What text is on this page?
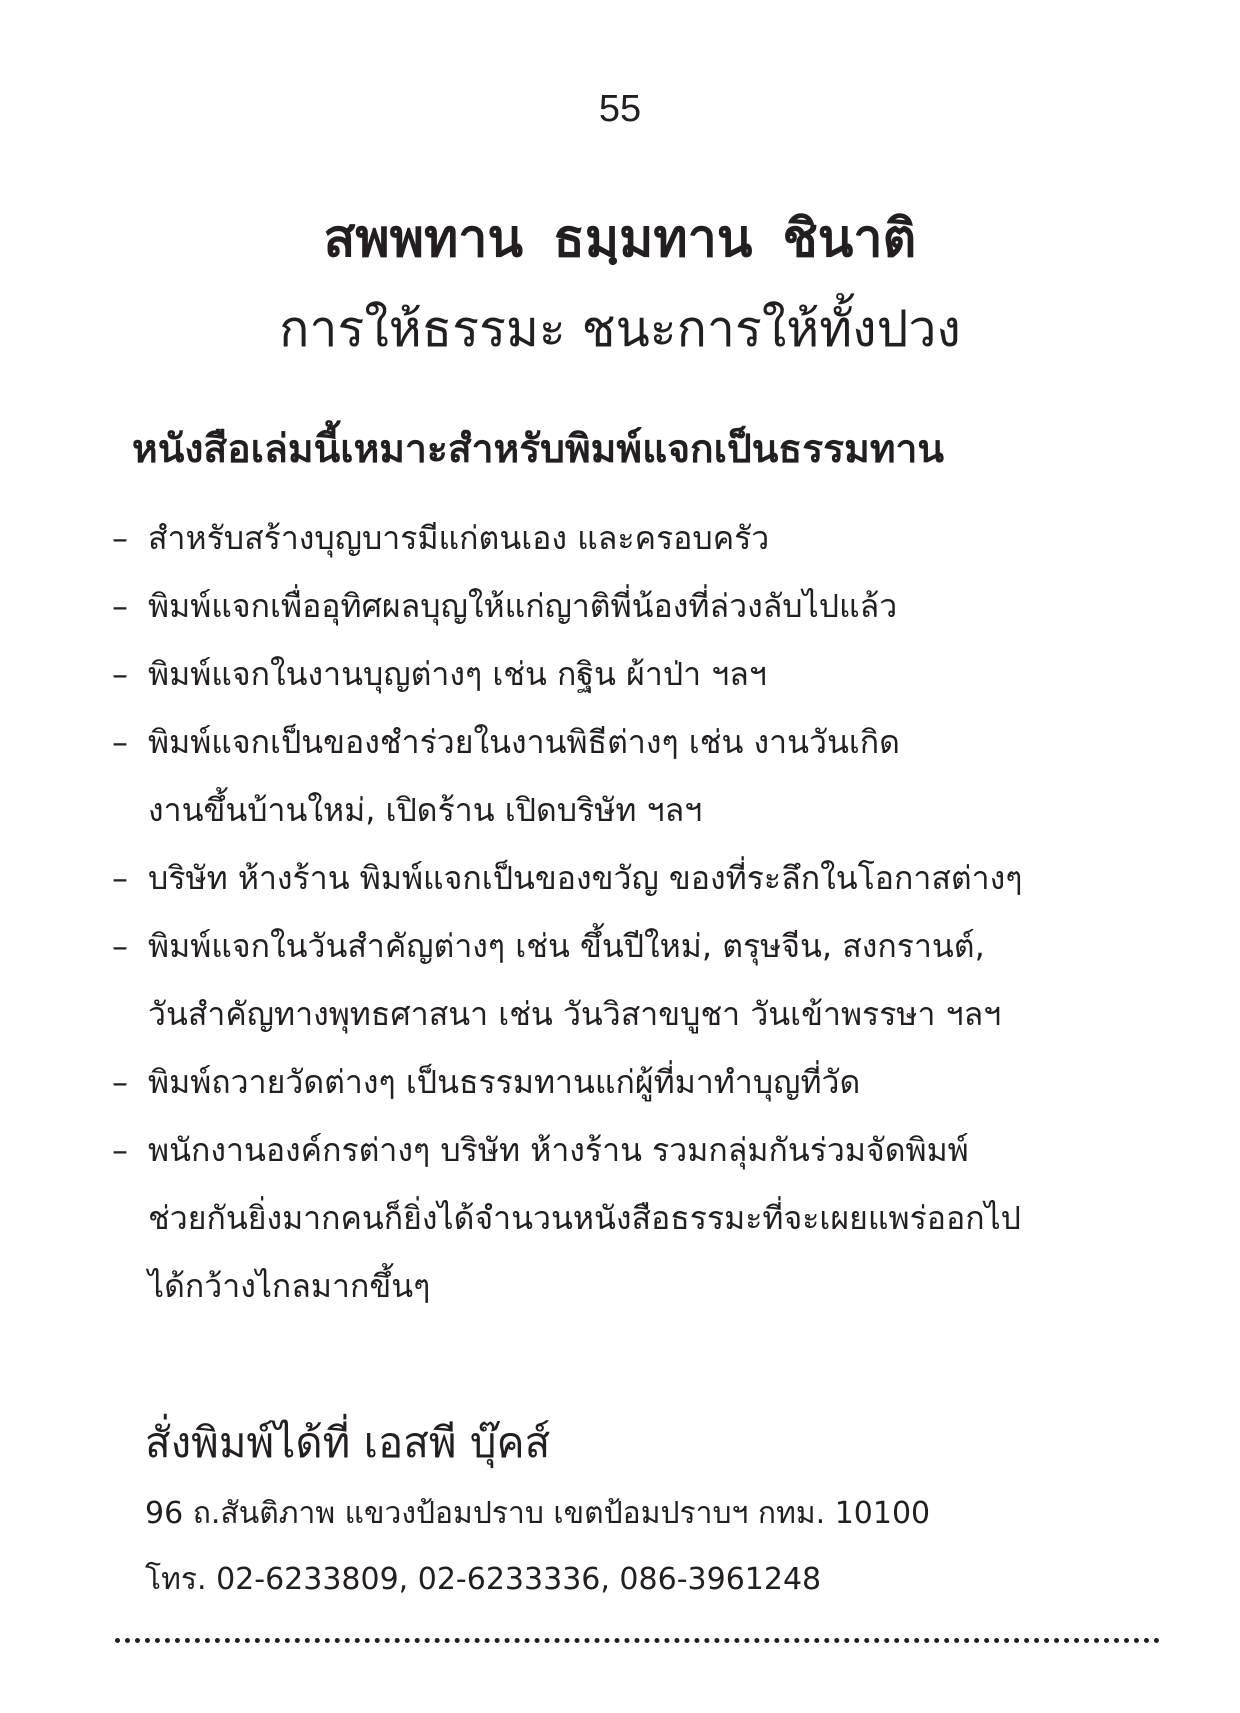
55
สพพทาน ธมฺมทาน ชินาติ
การให้ธรรมะ ชนะการให้ทั้งปวง
หนังสือเล่มนี้เหมาะสำหรับพิมพ์แจกเป็นธรรมทาน
– สำหรับสร้างบุญบารมีแก่ตนเอง และครอบครัว
– พิมพ์แจกเพื่ออุทิศผลบุญให้แก่ญาติพี่น้องที่ล่วงลับไปแล้ว
– พิมพ์แจกในงานบุญต่างๆ เช่น กฐิน ผ้าป่า ฯลฯ
– พิมพ์แจกเป็นของชำร่วยในงานพิธีต่างๆ เช่น งานวันเกิด
งานขึ้นบ้านใหม่, เปิดร้าน เปิดบริษัท ฯลฯ
– บริษัท ห้างร้าน พิมพ์แจกเป็นของขวัญ ของที่ระลึกในโอกาสต่างๆ
– พิมพ์แจกในวันสำคัญต่างๆ เช่น ขึ้นปีใหม่, ตรุษจีน, สงกรานต์,
วันสำคัญทางพุทธศาสนา เช่น วันวิสาขบูชา วันเข้าพรรษา ฯลฯ
– พิมพ์ถวายวัดต่างๆ เป็นธรรมทานแก่ผู้ที่มาทำบุญที่วัด
– พนักงานองค์กรต่างๆ บริษัท ห้างร้าน รวมกลุ่มกันร่วมจัดพิมพ์
ช่วยกันยิ่งมากคนก็ยิ่งได้จำนวนหนังสือธรรมะที่จะเผยแพร่ออกไป
ได้กว้างไกลมากขึ้นๆ
สั่งพิมพ์ได้ที่ เอสพี บุ๊คส์
96 ถ.สันติภาพ แขวงป้อมปราบ เขตป้อมปราบฯ กทม. 10100
โทร. 02-6233809, 02-6233336, 086-3961248
